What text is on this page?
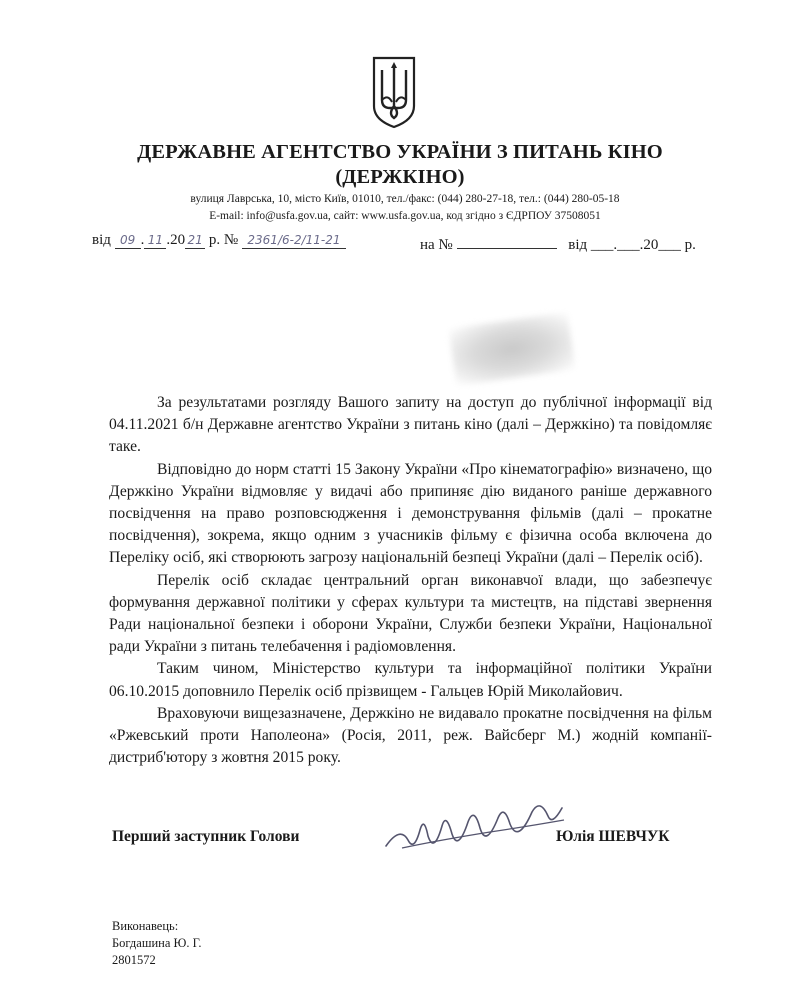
ДЕРЖАВНЕ АГЕНТСТВО УКРАЇНИ З ПИТАНЬ КІНО
(ДЕРЖКІНО)
вулиця Лаврська, 10, місто Київ, 01010, тел./факс: (044) 280-27-18, тел.: (044) 280-05-18
E-mail: info@usfa.gov.ua, сайт: www.usfa.gov.ua, код згідно з ЄДРПОУ 37508051
від 09 . 11 .20 21 р. № 2361/6-2/11-21	на №	від ___.___.20___ р.

За результатами розгляду Вашого запиту на доступ до публічної інформації від 04.11.2021 б/н Державне агентство України з питань кіно (далі – Держкіно) та повідомляє таке.

Відповідно до норм статті 15 Закону України «Про кінематографію» визначено, що Держкіно України відмовляє у видачі або припиняє дію виданого раніше державного посвідчення на право розповсюдження і демонстрування фільмів (далі – прокатне посвідчення), зокрема, якщо одним з учасників фільму є фізична особа включена до Переліку осіб, які створюють загрозу національній безпеці України (далі – Перелік осіб).

Перелік осіб складає центральний орган виконавчої влади, що забезпечує формування державної політики у сферах культури та мистецтв, на підставі звернення Ради національної безпеки і оборони України, Служби безпеки України, Національної ради України з питань телебачення і радіомовлення.

Таким чином, Міністерство культури та інформаційної політики України 06.10.2015 доповнило Перелік осіб прізвищем - Гальцев Юрій Миколайович.

Враховуючи вищезазначене, Держкіно не видавало прокатне посвідчення на фільм «Ржевський проти Наполеона» (Росія, 2011, реж. Вайсберг М.) жодній компанії-дистриб'ютору з жовтня 2015 року.

Перший заступник Голови	Юлія ШЕВЧУК
Виконавець:
Богдашина Ю. Г.
2801572
